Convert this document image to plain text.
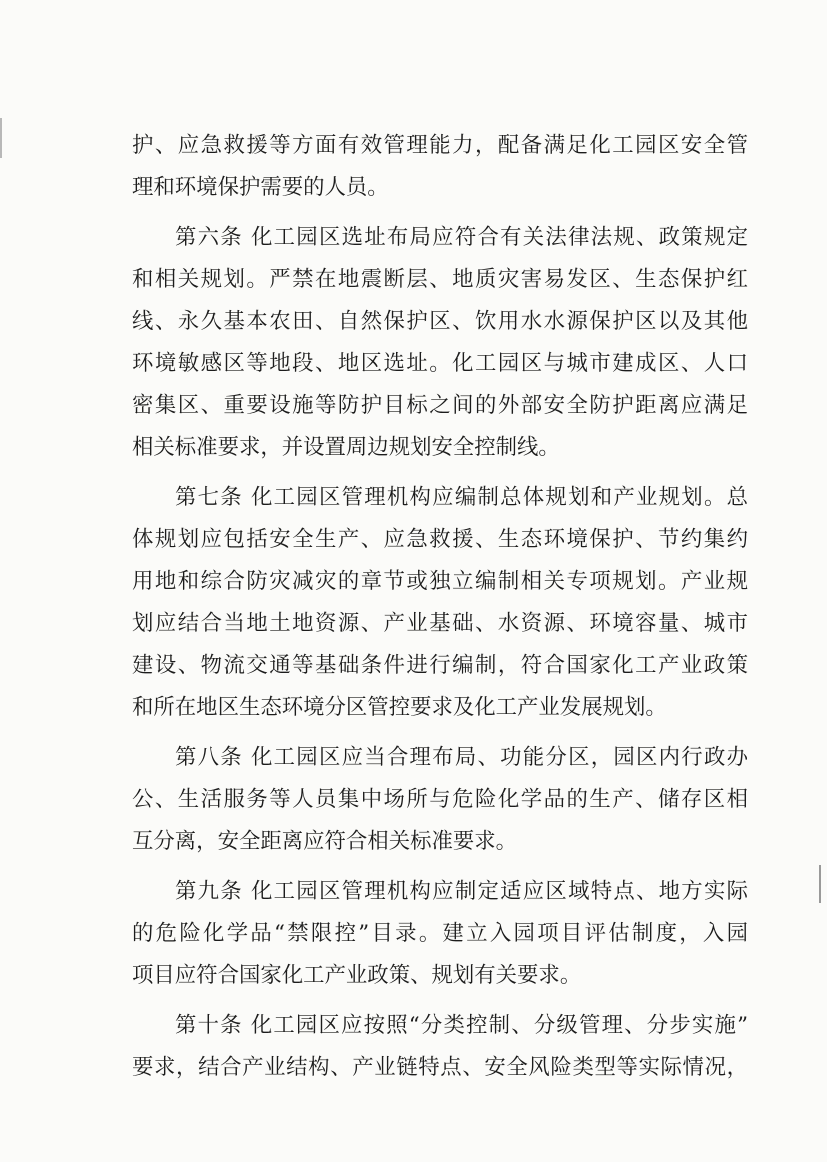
护、应急救援等方面有效管理能力，配备满足化工园区安全管
理和环境保护需要的人员。
第六条 化工园区选址布局应符合有关法律法规、政策规定
和相关规划。严禁在地震断层、地质灾害易发区、生态保护红
线、永久基本农田、自然保护区、饮用水水源保护区以及其他
环境敏感区等地段、地区选址。化工园区与城市建成区、人口
密集区、重要设施等防护目标之间的外部安全防护距离应满足
相关标准要求，并设置周边规划安全控制线。
第七条 化工园区管理机构应编制总体规划和产业规划。总
体规划应包括安全生产、应急救援、生态环境保护、节约集约
用地和综合防灾减灾的章节或独立编制相关专项规划。产业规
划应结合当地土地资源、产业基础、水资源、环境容量、城市
建设、物流交通等基础条件进行编制，符合国家化工产业政策
和所在地区生态环境分区管控要求及化工产业发展规划。
第八条 化工园区应当合理布局、功能分区，园区内行政办
公、生活服务等人员集中场所与危险化学品的生产、储存区相
互分离，安全距离应符合相关标准要求。
第九条 化工园区管理机构应制定适应区域特点、地方实际
的危险化学品“禁限控”目录。建立入园项目评估制度，入园
项目应符合国家化工产业政策、规划有关要求。
第十条 化工园区应按照“分类控制、分级管理、分步实施”
要求，结合产业结构、产业链特点、安全风险类型等实际情况，
